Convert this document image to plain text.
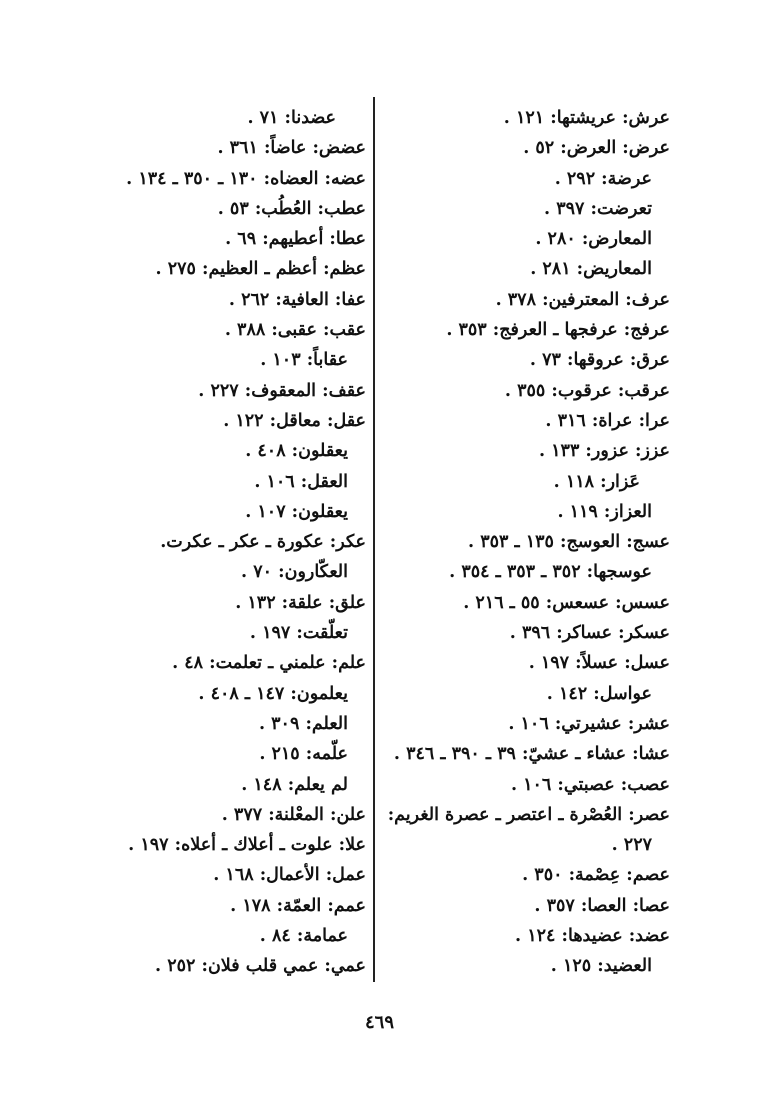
عرش: عريشتها: ١٢١ .
عرض: العرض: ٥٢ .
عرضة: ٢٩٢ .
تعرضت: ٣٩٧ .
المعارض: ٢٨٠ .
المعاريض: ٢٨١ .
عرف: المعترفين: ٣٧٨ .
عرفج: عرفجها ـ العرفج: ٣٥٣ .
عرق: عروقها: ٧٣ .
عرقب: عرقوب: ٣٥٥ .
عرا: عراة: ٣١٦ .
عزز: عزور: ١٣٣ .
عَزار: ١١٨ .
العزاز: ١١٩ .
عسج: العوسج: ١٣٥ ـ ٣٥٣ .
عوسجها: ٣٥٢ ـ ٣٥٣ ـ ٣٥٤ .
عسس: عسعس: ٥٥ ـ ٢١٦ .
عسكر: عساكر: ٣٩٦ .
عسل: عسلاً: ١٩٧ .
عواسل: ١٤٢ .
عشر: عشيرتي: ١٠٦ .
عشا: عشاء ـ عشيّ: ٣٩ ـ ٣٩٠ ـ ٣٤٦ .
عصب: عصبتي: ١٠٦ .
عصر: العُصْرة ـ اعتصر ـ عصرة الغريم:
٢٢٧ .
عصم: عِصْمة: ٣٥٠ .
عصا: العصا: ٣٥٧ .
عضد: عضيدها: ١٢٤ .
العضيد: ١٢٥ .
عضدنا: ٧١ .
عضض: عاضاً: ٣٦١ .
عضه: العضاه: ١٣٠ ـ ٣٥٠ ـ ١٣٤ .
عطب: العُطُب: ٥٣ .
عطا: أعطيهم: ٦٩ .
عظم: أعظم ـ العظيم: ٢٧٥ .
عفا: العافية: ٢٦٢ .
عقب: عقبى: ٣٨٨ .
عقاباً: ١٠٣ .
عقف: المعقوف: ٢٢٧ .
عقل: معاقل: ١٢٢ .
يعقلون: ٤٠٨ .
العقل: ١٠٦ .
يعقلون: ١٠٧ .
عكر: عكورة ـ عكر ـ عكرت.
العكّارون: ٧٠ .
علق: علقة: ١٣٢ .
تعلّقت: ١٩٧ .
علم: علمني ـ تعلمت: ٤٨ .
يعلمون: ١٤٧ ـ ٤٠٨ .
العلم: ٣٠٩ .
علّمه: ٢١٥ .
لم يعلم: ١٤٨ .
علن: المعْلنة: ٣٧٧ .
علا: علوت ـ أعلاك ـ أعلاه: ١٩٧ .
عمل: الأعمال: ١٦٨ .
عمم: العمّة: ١٧٨ .
عمامة: ٨٤ .
عمي: عمي قلب فلان: ٢٥٢ .
٤٦٩
